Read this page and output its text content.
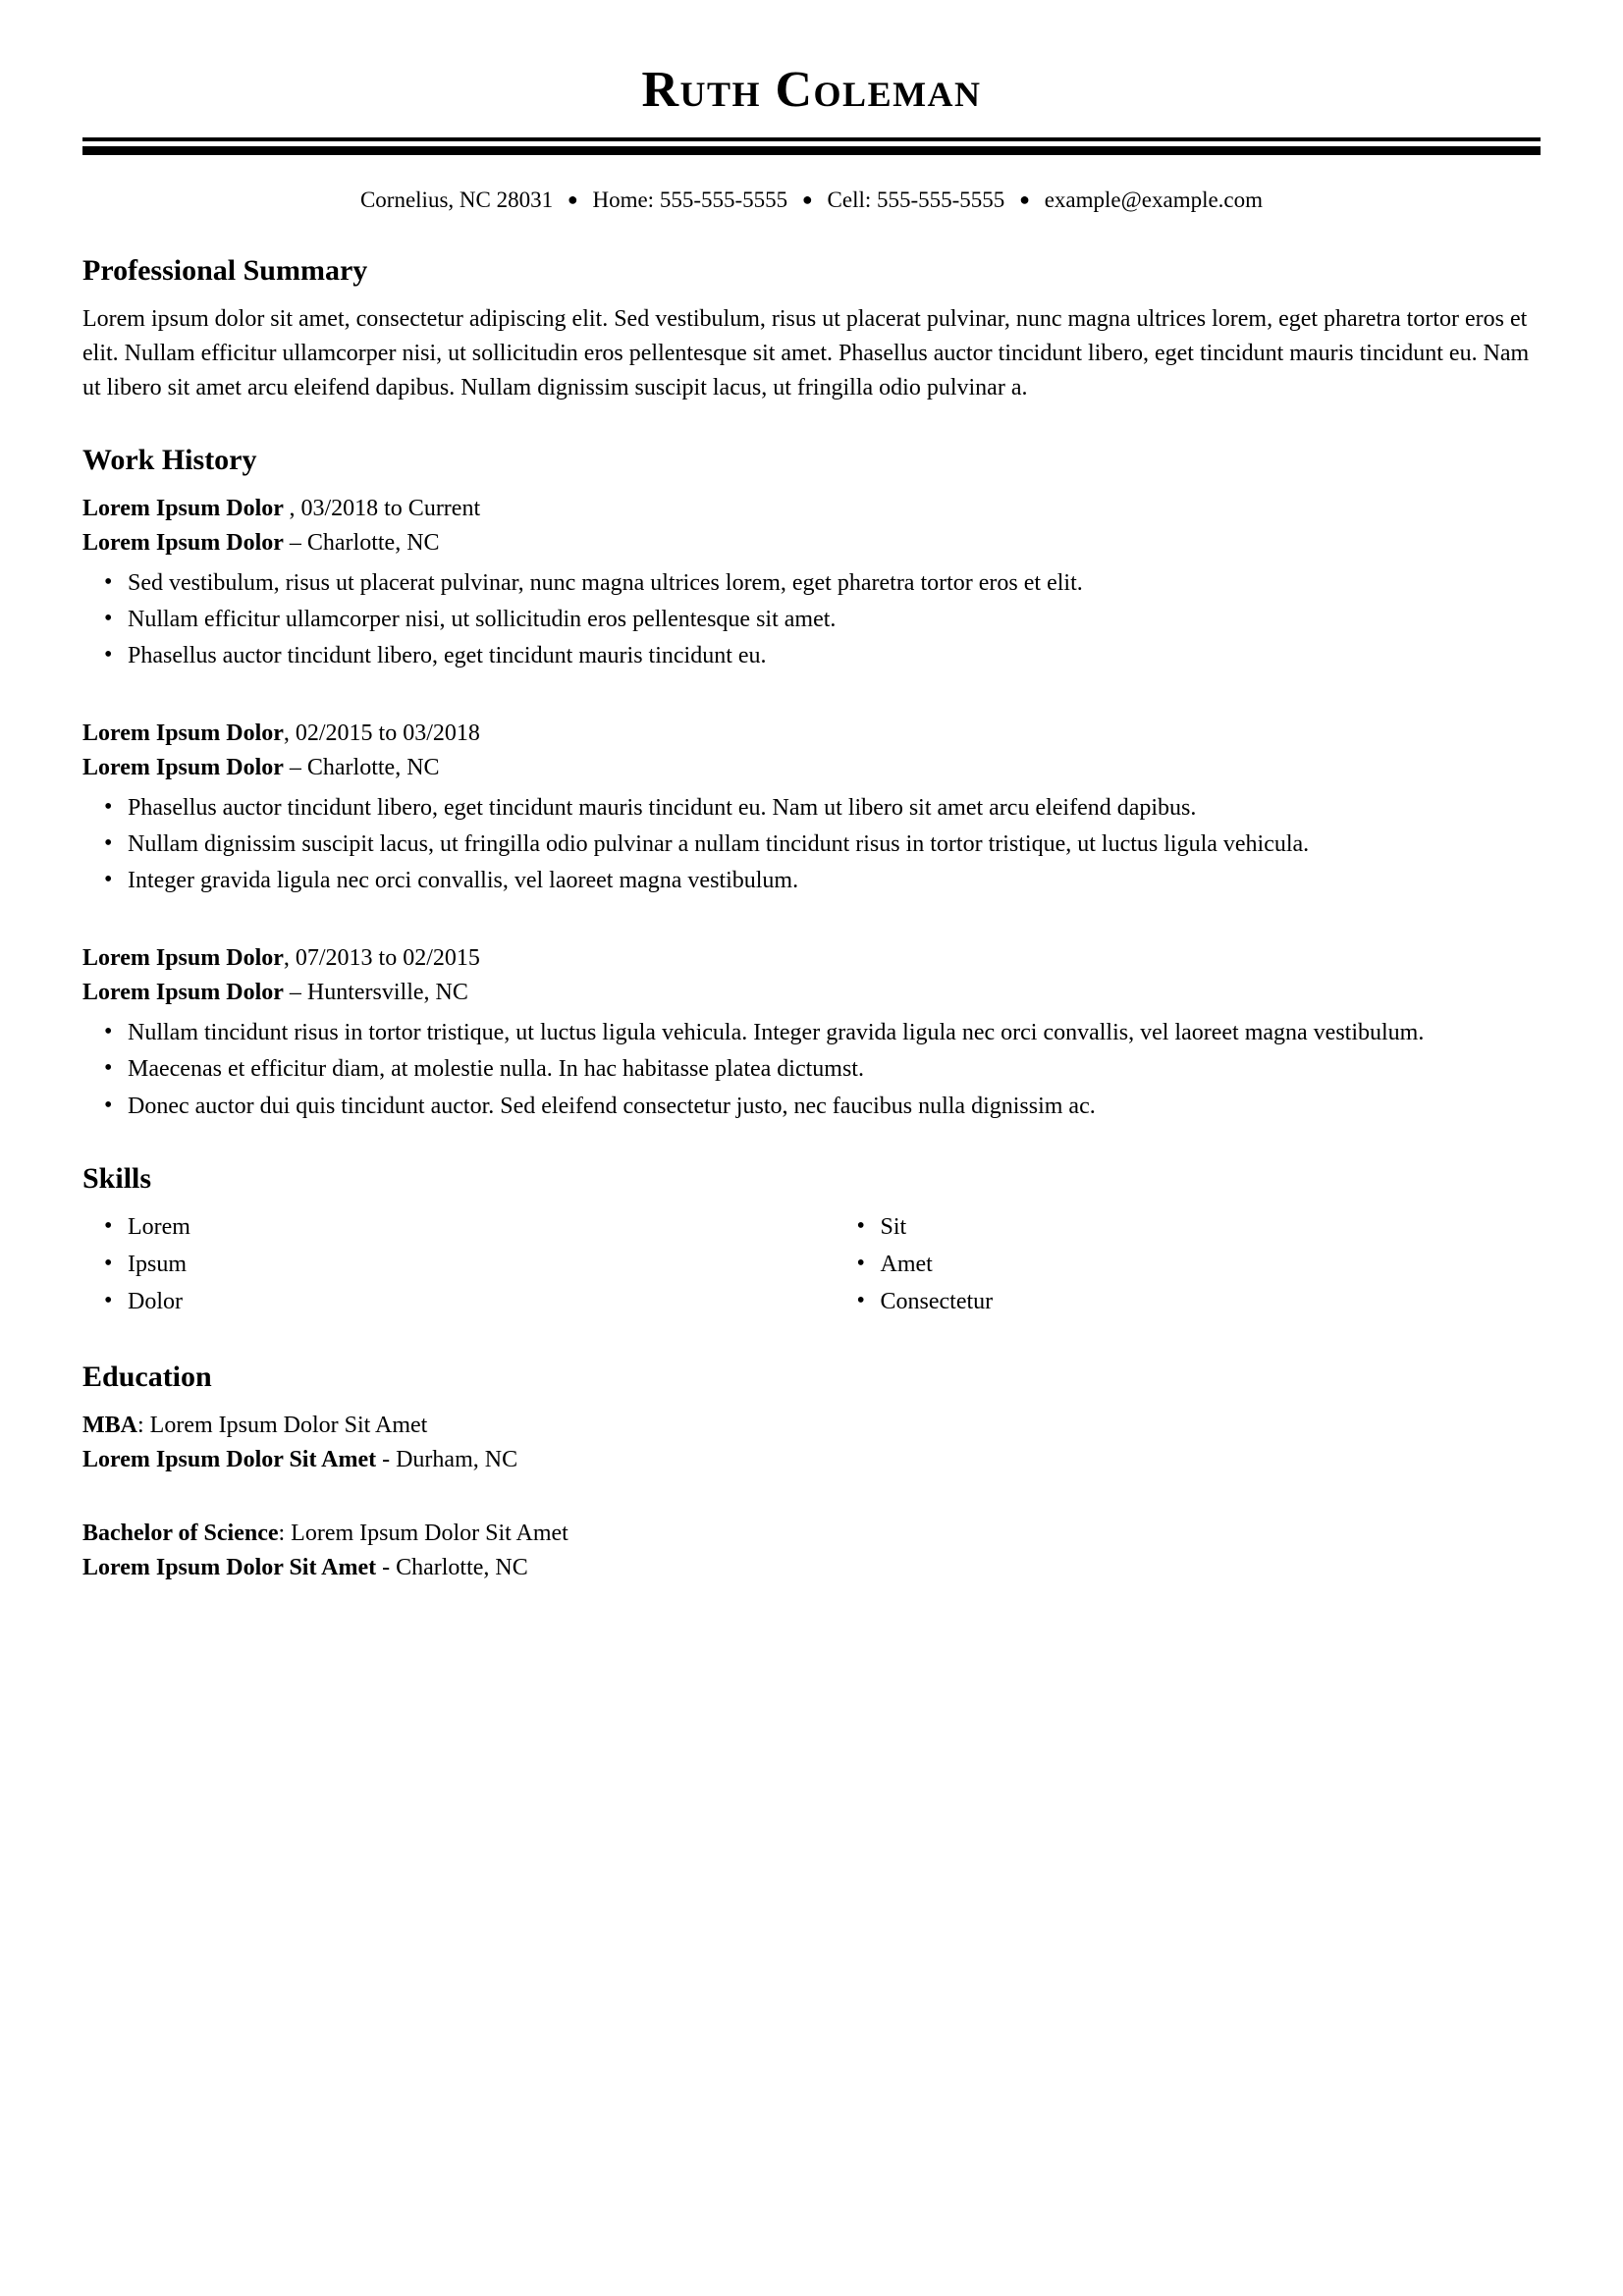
Ruth Coleman
Cornelius, NC 28031 ● Home: 555-555-5555 ● Cell: 555-555-5555 ● example@example.com
Professional Summary

Lorem ipsum dolor sit amet, consectetur adipiscing elit. Sed vestibulum, risus ut placerat pulvinar, nunc magna ultrices lorem, eget pharetra tortor eros et elit. Nullam efficitur ullamcorper nisi, ut sollicitudin eros pellentesque sit amet. Phasellus auctor tincidunt libero, eget tincidunt mauris tincidunt eu. Nam ut libero sit amet arcu eleifend dapibus. Nullam dignissim suscipit lacus, ut fringilla odio pulvinar a.

Work History
Lorem Ipsum Dolor , 03/2018 to Current
Lorem Ipsum Dolor – Charlotte, NC
• Sed vestibulum, risus ut placerat pulvinar, nunc magna ultrices lorem, eget pharetra tortor eros et elit.
• Nullam efficitur ullamcorper nisi, ut sollicitudin eros pellentesque sit amet.
• Phasellus auctor tincidunt libero, eget tincidunt mauris tincidunt eu.
Lorem Ipsum Dolor, 02/2015 to 03/2018
Lorem Ipsum Dolor – Charlotte, NC
• Phasellus auctor tincidunt libero, eget tincidunt mauris tincidunt eu. Nam ut libero sit amet arcu eleifend dapibus.
• Nullam dignissim suscipit lacus, ut fringilla odio pulvinar a nullam tincidunt risus in tortor tristique, ut luctus ligula vehicula.
• Integer gravida ligula nec orci convallis, vel laoreet magna vestibulum.
Lorem Ipsum Dolor, 07/2013 to 02/2015
Lorem Ipsum Dolor – Huntersville, NC
• Nullam tincidunt risus in tortor tristique, ut luctus ligula vehicula. Integer gravida ligula nec orci convallis, vel laoreet magna vestibulum.
• Maecenas et efficitur diam, at molestie nulla. In hac habitasse platea dictumst.
• Donec auctor dui quis tincidunt auctor. Sed eleifend consectetur justo, nec faucibus nulla dignissim ac.
Skills
• Lorem
• Ipsum
• Dolor
• Sit
• Amet
• Consectetur
Education
MBA: Lorem Ipsum Dolor Sit Amet
Lorem Ipsum Dolor Sit Amet - Durham, NC
Bachelor of Science: Lorem Ipsum Dolor Sit Amet
Lorem Ipsum Dolor Sit Amet - Charlotte, NC
